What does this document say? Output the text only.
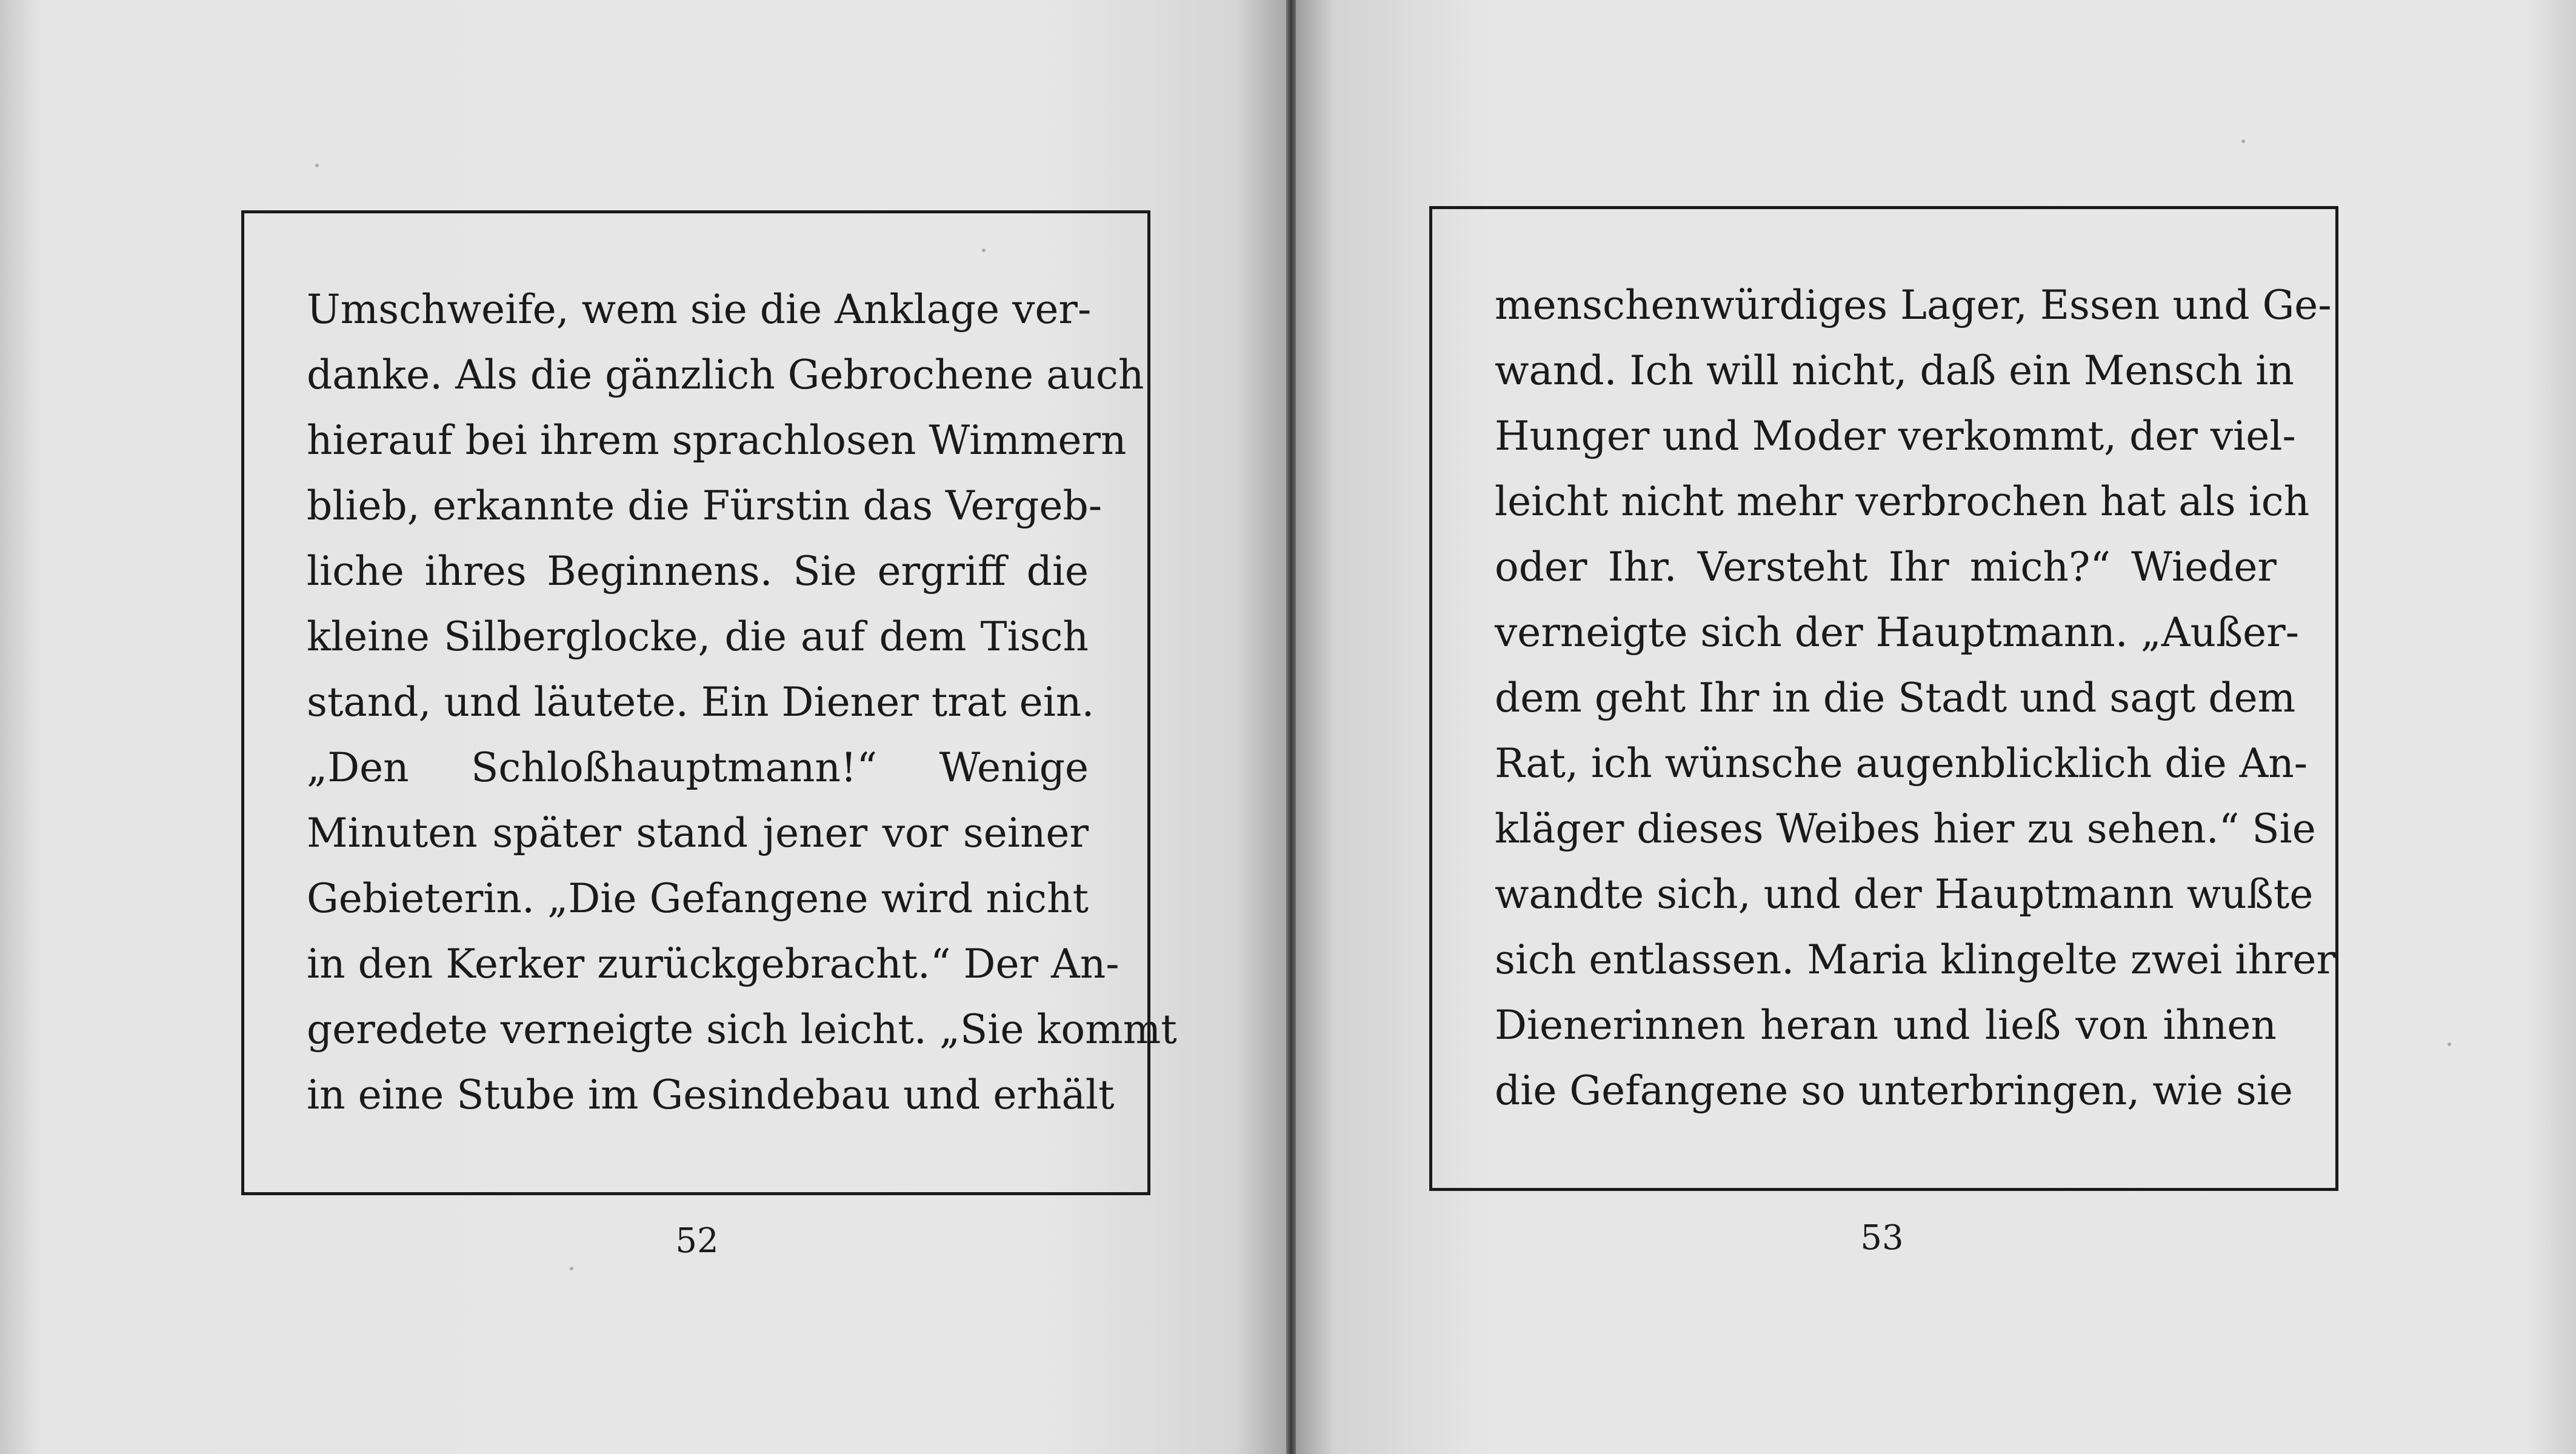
Umschweife, wem sie die Anklage ver-
danke. Als die gänzlich Gebrochene auch
hierauf bei ihrem sprachlosen Wimmern
blieb, erkannte die Fürstin das Vergeb-
liche ihres Beginnens. Sie ergriff die
kleine Silberglocke, die auf dem Tisch
stand, und läutete. Ein Diener trat ein.
„Den Schloßhauptmann!“ Wenige
Minuten später stand jener vor seiner
Gebieterin. „Die Gefangene wird nicht
in den Kerker zurückgebracht.“ Der An-
geredete verneigte sich leicht. „Sie kommt
in eine Stube im Gesindebau und erhält
52
menschenwürdiges Lager, Essen und Ge-
wand. Ich will nicht, daß ein Mensch in
Hunger und Moder verkommt, der viel-
leicht nicht mehr verbrochen hat als ich
oder Ihr. Versteht Ihr mich?“ Wieder
verneigte sich der Hauptmann. „Außer-
dem geht Ihr in die Stadt und sagt dem
Rat, ich wünsche augenblicklich die An-
kläger dieses Weibes hier zu sehen.“ Sie
wandte sich, und der Hauptmann wußte
sich entlassen. Maria klingelte zwei ihrer
Dienerinnen heran und ließ von ihnen
die Gefangene so unterbringen, wie sie
53
